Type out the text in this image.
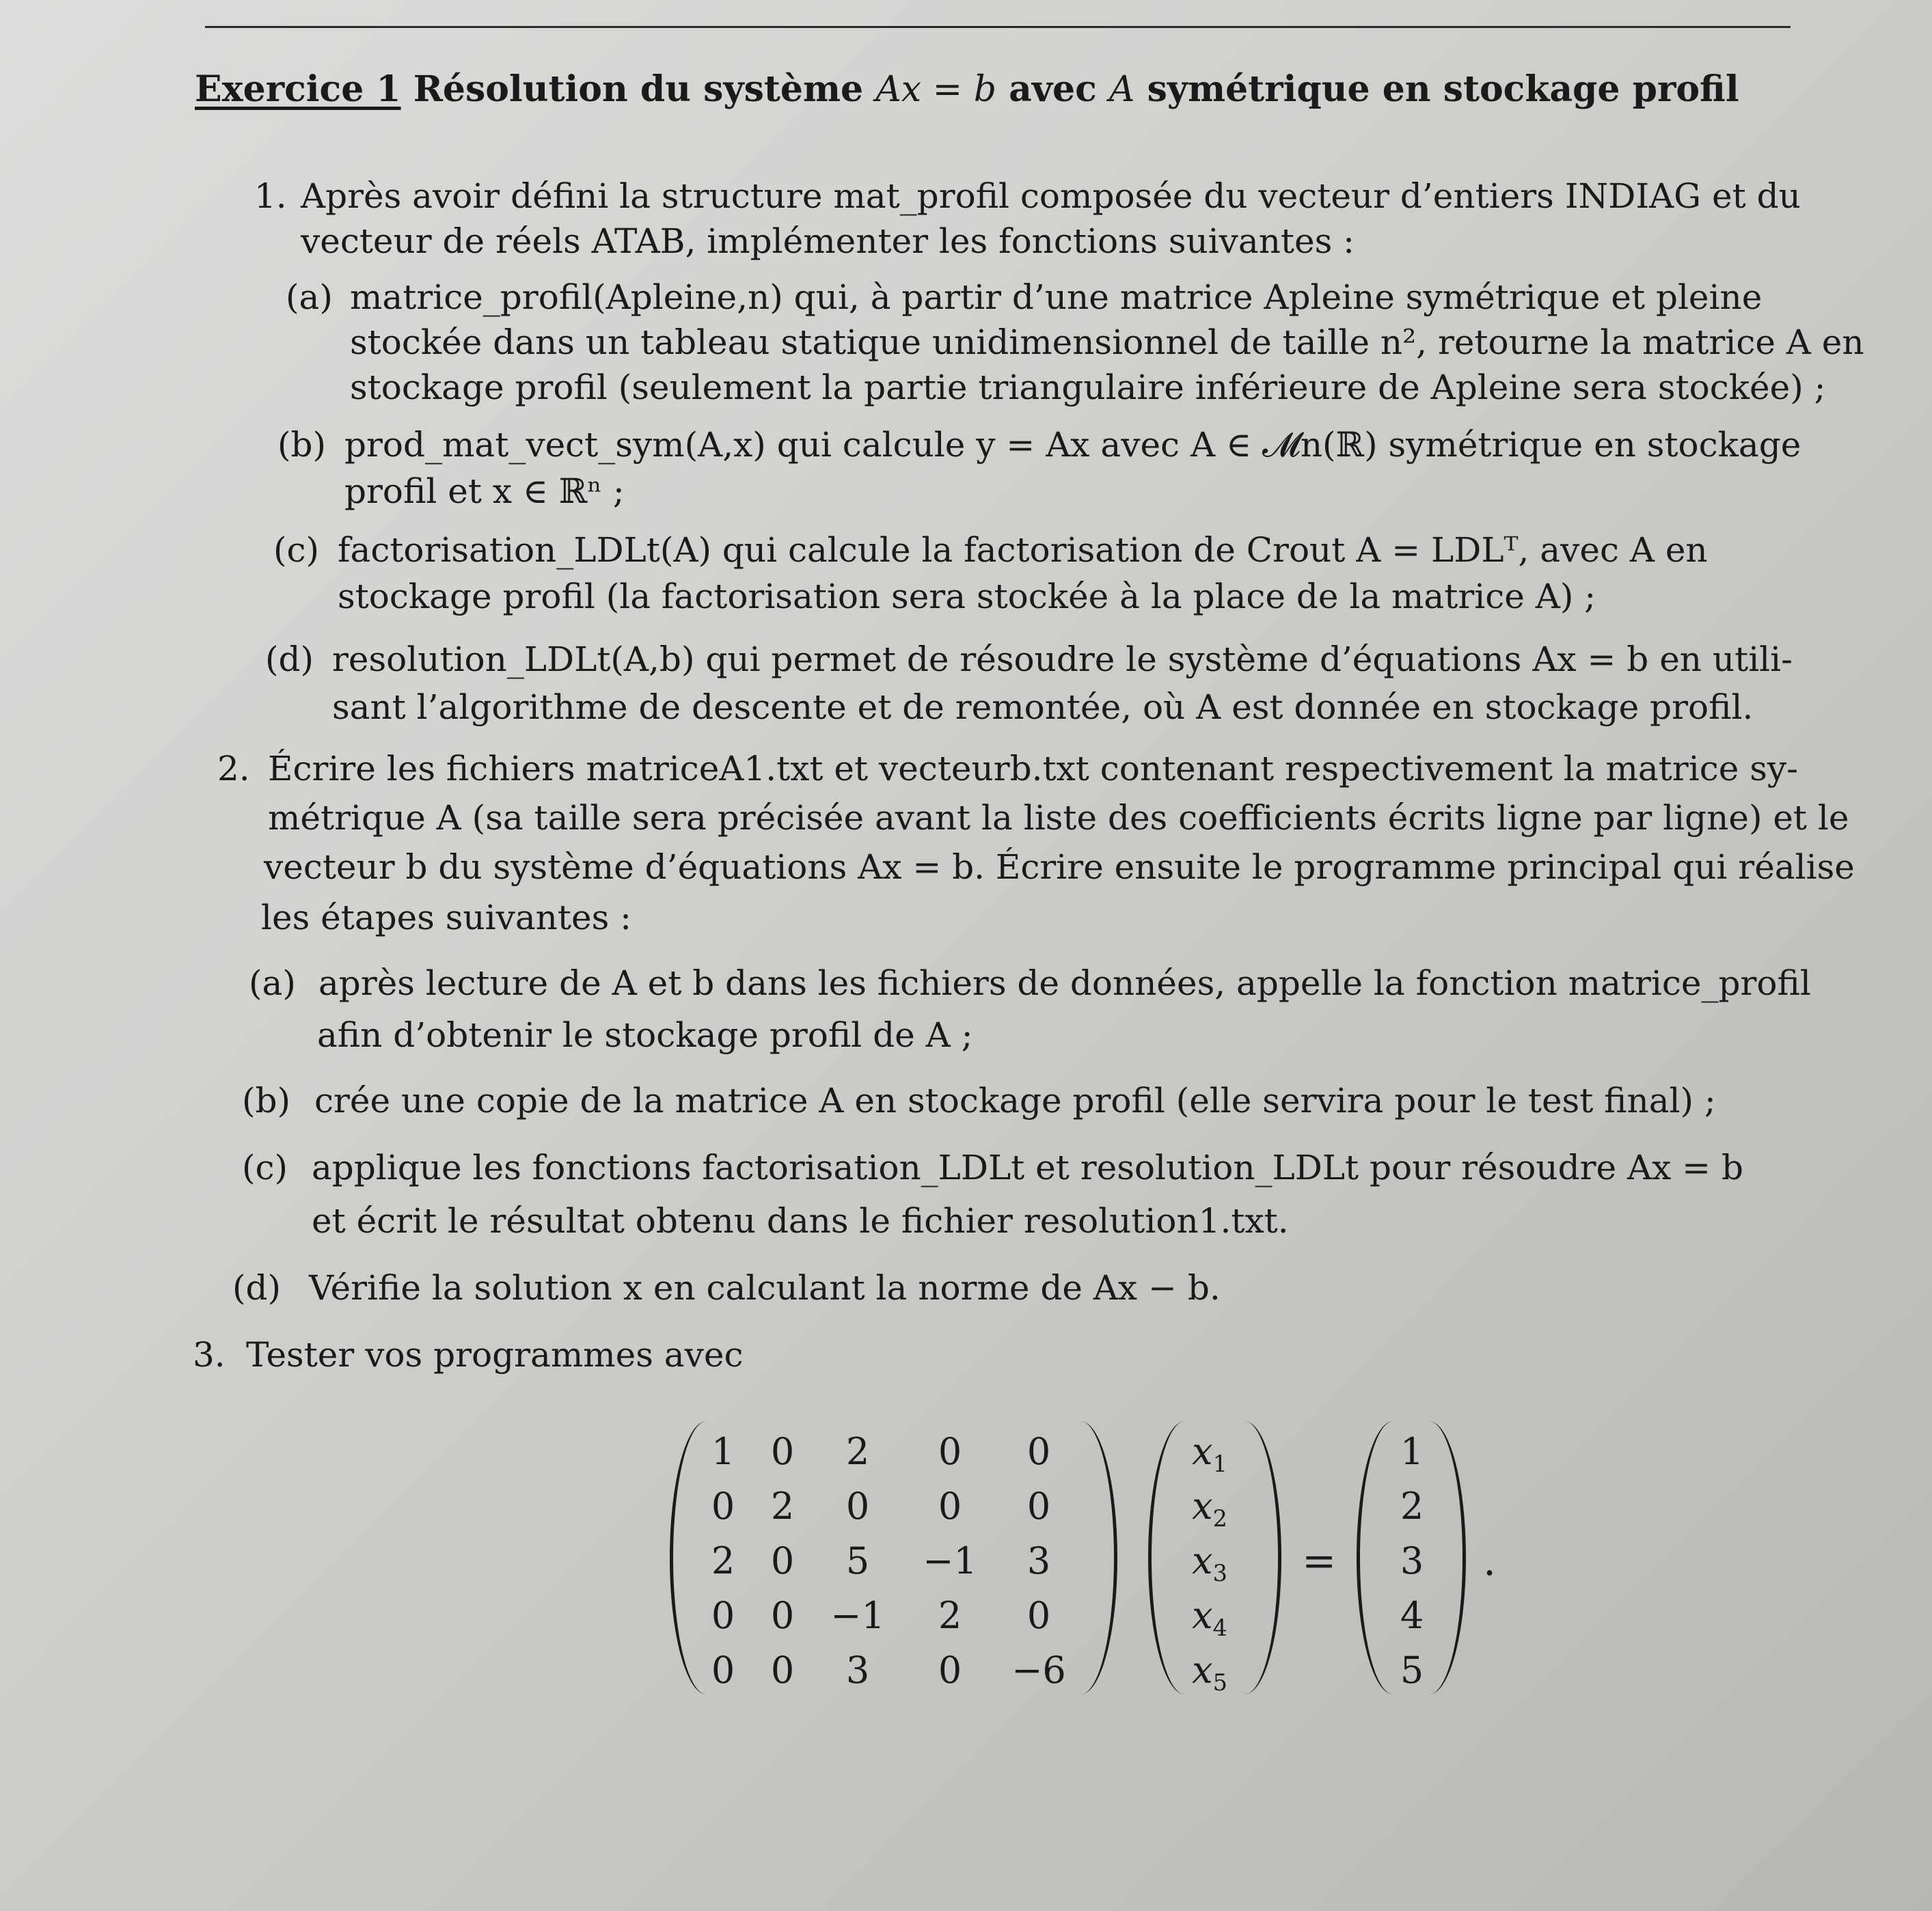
Exercice 1 Résolution du système Ax = b avec A symétrique en stockage profil
1. Après avoir défini la structure mat_profil composée du vecteur d’entiers INDIAG et du
vecteur de réels ATAB, implémenter les fonctions suivantes :
(a) matrice_profil(Apleine,n) qui, à partir d’une matrice Apleine symétrique et pleine
stockée dans un tableau statique unidimensionnel de taille n², retourne la matrice A en
stockage profil (seulement la partie triangulaire inférieure de Apleine sera stockée) ;
(b) prod_mat_vect_sym(A,x) qui calcule y = Ax avec A ∈ 𝓜n(ℝ) symétrique en stockage
profil et x ∈ ℝⁿ ;
(c) factorisation_LDLt(A) qui calcule la factorisation de Crout A = LDLᵀ, avec A en
stockage profil (la factorisation sera stockée à la place de la matrice A) ;
(d) resolution_LDLt(A,b) qui permet de résoudre le système d’équations Ax = b en utili-
sant l’algorithme de descente et de remontée, où A est donnée en stockage profil.
2. Écrire les fichiers matriceA1.txt et vecteurb.txt contenant respectivement la matrice sy-
métrique A (sa taille sera précisée avant la liste des coefficients écrits ligne par ligne) et le
vecteur b du système d’équations Ax = b. Écrire ensuite le programme principal qui réalise
les étapes suivantes :
(a) après lecture de A et b dans les fichiers de données, appelle la fonction matrice_profil
afin d’obtenir le stockage profil de A ;
(b) crée une copie de la matrice A en stockage profil (elle servira pour le test final) ;
(c) applique les fonctions factorisation_LDLt et resolution_LDLt pour résoudre Ax = b
et écrit le résultat obtenu dans le fichier resolution1.txt.
(d) Vérifie la solution x en calculant la norme de Ax − b.
3. Tester vos programmes avec
1 0	2	0	0
0 2	0	0	0
2 0	5	−1	3
0 0 −1	2	0
0 0	3	0	−6
x1
x2
x3
x4
x5
=
1
2
3
4
5
.
